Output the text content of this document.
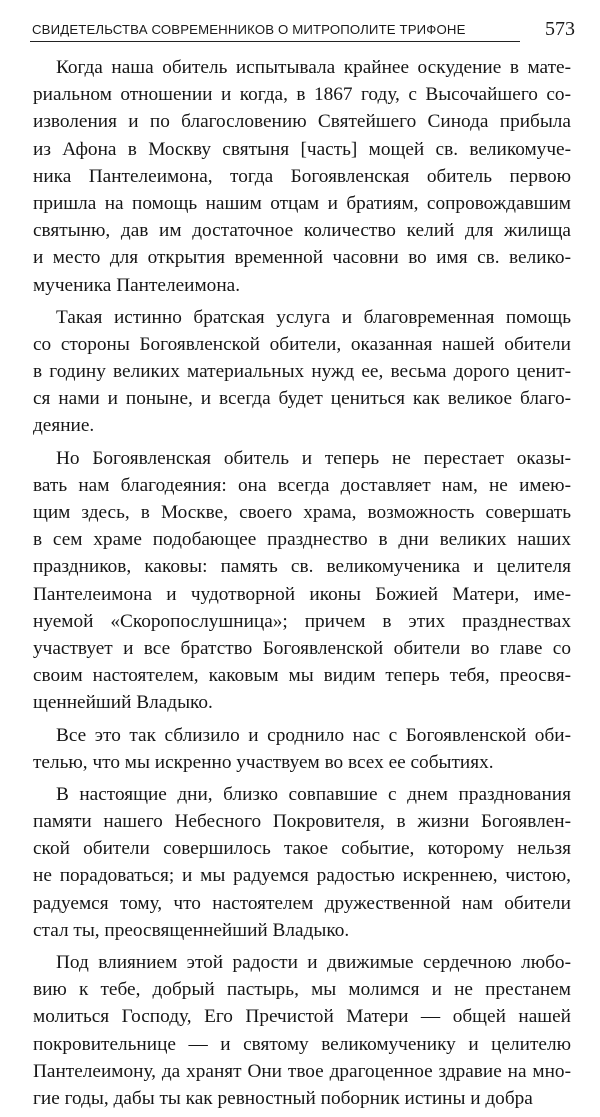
СВИДЕТЕЛЬСТВА СОВРЕМЕННИКОВ О МИТРОПОЛИТЕ ТРИФОНЕ	573
Когда наша обитель испытывала крайнее оскудение в мате-
риальном отношении и когда, в 1867 году, с Высочайшего со-
изволения и по благословению Святейшего Синода прибыла
из Афона в Москву святыня [часть] мощей св. великомуче-
ника Пантелеимона, тогда Богоявленская обитель первою
пришла на помощь нашим отцам и братиям, сопровождавшим
святыню, дав им достаточное количество келий для жилища
и место для открытия временной часовни во имя св. велико-
мученика Пантелеимона.
Такая истинно братская услуга и благовременная помощь
со стороны Богоявленской обители, оказанная нашей обители
в годину великих материальных нужд ее, весьма дорого ценит-
ся нами и поныне, и всегда будет цениться как великое благо-
деяние.
Но Богоявленская обитель и теперь не перестает оказы-
вать нам благодеяния: она всегда доставляет нам, не имею-
щим здесь, в Москве, своего храма, возможность совершать
в сем храме подобающее празднество в дни великих наших
праздников, каковы: память св. великомученика и целителя
Пантелеимона и чудотворной иконы Божией Матери, име-
нуемой «Скоропослушница»; причем в этих празднествах
участвует и все братство Богоявленской обители во главе со
своим настоятелем, каковым мы видим теперь тебя, преосвя-
щеннейший Владыко.
Все это так сблизило и сроднило нас с Богоявленской оби-
телью, что мы искренно участвуем во всех ее событиях.
В настоящие дни, близко совпавшие с днем празднования
памяти нашего Небесного Покровителя, в жизни Богоявлен-
ской обители совершилось такое событие, которому нельзя
не порадоваться; и мы радуемся радостью искреннею, чистою,
радуемся тому, что настоятелем дружественной нам обители
стал ты, преосвященнейший Владыко.
Под влиянием этой радости и движимые сердечною любо-
вию к тебе, добрый пастырь, мы молимся и не престанем
молиться Господу, Его Пречистой Матери — общей нашей
покровительнице — и святому великомученику и целителю
Пантелеимону, да хранят Они твое драгоценное здравие на мно-
гие годы, дабы ты как ревностный поборник истины и добра
